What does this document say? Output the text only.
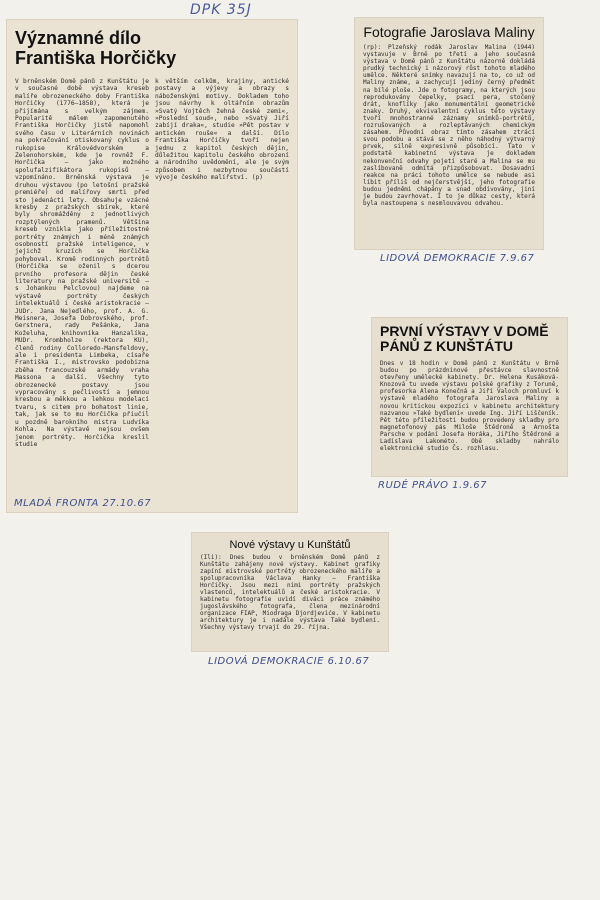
DPK 35J
Významné dílo
Františka Horčičky
V brněnském Domě pánů z Kunštátu je v současné době výstava kreseb malíře obrozeneckého doby Františka Horčičky (1776—1858), která je přijímána s velkým zájmem. Popularitě málem zapomenutého Františka Horčičky jistě napomohl svého času v Literárních novinách na pokračování otiskovaný cyklus o rukopise Královédvorském a Zelenohorském, kde je rovněž F. Horčička — jako možného spolufalzifikátora rukopisů — vzpomínáno. Brněnská výstava je druhou výstavou (po letošní pražské premiéře) od malířovy smrti před sto jedenácti lety. Obsahuje vzácné kresby z pražských sbírek, které byly shromážděny z jednotlivých rozptýlených pramenů. Většina kreseb vznikla jako příležitostné portréty známých i méně známých osobností pražské inteligence, v jejichž kruzích se Horčička pohyboval. Kromě rodinných portrétů (Horčička se oženil s dcerou prvního profesora dějin české literatury na pražské universitě — s Johankou Pelclovou) najdeme na výstavě portréty českých intelektuálů i české aristokracie — JUDr. Jana Nejedlého, prof. A. G. Meisnera, Josefa Dobrovského, prof. Gerstnera, rady Pešánka, Jana Koželuha, knihovníka Hanzalíka, MUDr. Krombholze (rektora KU), členů rodiny Colloredo-Mansfeldovy, ale i presidenta Limbeka, císaře Františka I., mistrovsko podobizna zběha francouzské armády vraha Massona a další. Všechny tyto obrozenecké postavy jsou vypracovány s pečlivostí a jemnou kresbou a měkkou a lehkou modelací tvaru, s citem pro bohatost linie, tak, jak se to mu Horčička přiučil u pozdně barokního mistra Ludvíka Kohla. Na výstavě nejsou ovšem jenom portréty. Horčička kreslil studie
k větším celkům, krajiny, antické postavy a výjevy a obrazy s náboženskými motivy. Dokladem toho jsou návrhy k oltářním obrazům »Svatý Vojtěch žehná české zemi«, »Poslední soud«, nebo »Svatý Jiří zabíjí draka«, studie »Pět postav v antickém rouše« a další. Dílo Františka Horčičky tvoří nejen jednu z kapitol českých dějin, důležitou kapitolu českého obrození a národního uvědomění, ale je svým způsobem i nezbytnou součástí vývoje českého malířství. (p)
MLADÁ FRONTA 27.10.67
Fotografie Jaroslava Maliny
(rp): Plzeňský rodák Jaroslav Malina (1944) vystavuje v Brně po třetí a jeho současná výstava v Domě pánů z Kunštátu názorně dokládá prudký technický i názorový růst tohoto mladého umělce. Některé snímky navazují na to, co už od Maliny známe, a zachycují jediný černý předmět na bílé ploše. Jde o fotogramy, na kterých jsou reprodukovány čepelky, psací pera, stočený drát, knoflíky jako monumentální geometrické znaky. Druhý, ekvivalentní cyklus této výstavy tvoří mnohostranné záznamy snímků-portrétů, rozrušovaných a rozleptávaných chemickým zásahem. Původní obraz tímto zásahem ztrácí svou podobu a stává se z něho náhodný výtvarný prvek, silně expresivně působící. Tato v podstatě kabinetní výstava je dokladem nekonvenční odvahy pojetí staré a Malina se mu zaslíbovaně odmítá přizpůsobovat. Dosavadní reakce na práci tohoto umělce se nebude asi líbit příliš od nejčerstvější, jeho fotografie budou jedněmi chápány a snad obdivovány, jiní je budou zavrhovat. I to je důkaz cesty, která byla nastoupena s nesmlouvavou odvahou.
LIDOVÁ DEMOKRACIE 7.9.67
PRVNÍ VÝSTAVY V DOMĚ
PÁNŮ Z KUNŠTÁTU
Dnes v 18 hodin v Domě pánů z Kunštátu v Brně budou po prázdninové přestávce slavnostně otevřeny umělecké kabinety. Dr. Helena Kusáková-Knozová tu uvede výstavu polské grafiky z Toruně, profesorka Alena Konečná a Jiří Valoch promluví k výstavě mladého fotografa Jaroslava Maliny a novou kritickou expozici v kabinetu architektury nazvanou »Také bydlení« uvede Ing. Jiří Liščeník. Pět této příležitosti budou provedeny skladby pro magnetofonový pás Miloše Štědroně a Arnošta Parsche v podání Josefa Horáka, Jiřího Štědroně a Ladislava Lakométo. Obě skladby nahrálo elektronické studio Čs. rozhlasu.
RUDÉ PRÁVO 1.9.67
Nové výstavy u Kunštátů
(Ili): Dnes budou v brněnském Domě pánů z Kunštátu zahájeny nové výstavy. Kabinet grafiky zapíní mistrovské portréty obrozeneckého malíře a spolupracovníka Václava Hanky — Františka Horčičky. Jsou mezi nimi portréty pražských vlastenců, intelektuálů a české aristokracie. V kabinetu fotografie uvidí diváci práce známého jugoslávského fotografa, člena mezinárodní organizace FIAP, Miodraga Djordjeviće. V kabinetu architektury je i nadále výstava Také bydlení. Všechny výstavy trvají do 29. října.
LIDOVÁ DEMOKRACIE 6.10.67
